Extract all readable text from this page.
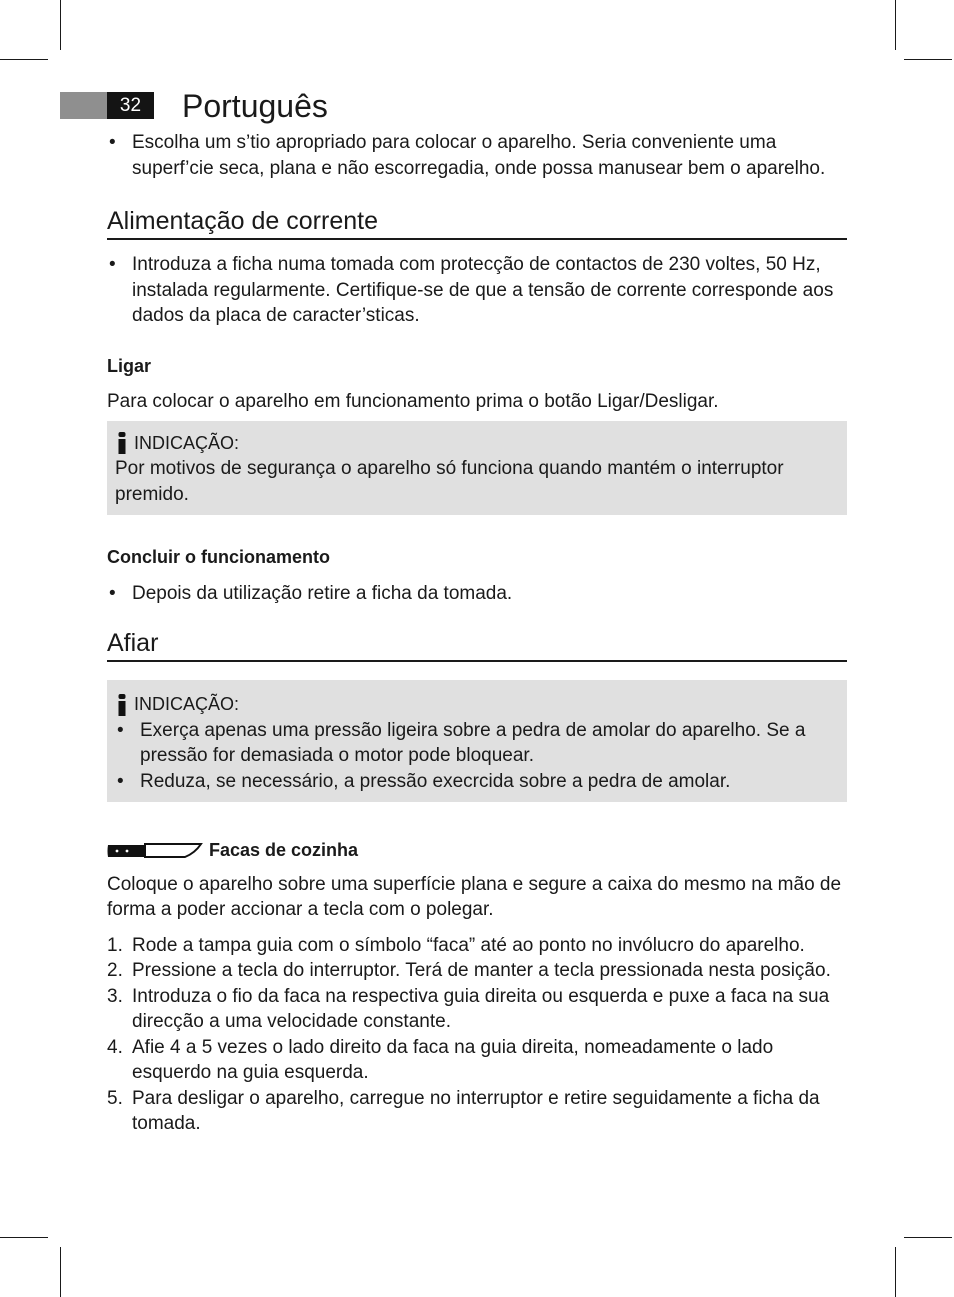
32	Português
• Escolha um s’tio apropriado para colocar o aparelho. Seria conveniente uma superf’cie seca, plana e não escorregadia, onde possa manusear bem o aparelho.
Alimentação de corrente
• Introduza a ficha numa tomada com protecção de contactos de 230 voltes, 50 Hz, instalada regularmente. Certifique-se de que a tensão de corrente corresponde aos dados da placa de caracter’sticas.
Ligar
Para colocar o aparelho em funcionamento prima o botão Ligar/Desligar.
INDICAÇÃO:
Por motivos de segurança o aparelho só funciona quando mantém o interruptor premido.
Concluir o funcionamento
• Depois da utilização retire a ficha da tomada.
Afiar
INDICAÇÃO:
• Exerça apenas uma pressão ligeira sobre a pedra de amolar do aparelho. Se a pressão for demasiada o motor pode bloquear.
• Reduza, se necessário, a pressão execrcida sobre a pedra de amolar.
Facas de cozinha
Coloque o aparelho sobre uma superfície plana e segure a caixa do mesmo na mão de forma a poder accionar a tecla com o polegar.
1. Rode a tampa guia com o símbolo “faca” até ao ponto no invólucro do aparelho.
2. Pressione a tecla do interruptor. Terá de manter a tecla pressionada nesta posição.
3. Introduza o fio da faca na respectiva guia direita ou esquerda e puxe a faca na sua direcção a uma velocidade constante.
4. Afie 4 a 5 vezes o lado direito da faca na guia direita, nomeadamente o lado esquerdo na guia esquerda.
5. Para desligar o aparelho, carregue no interruptor e retire seguidamente a ficha da tomada.
